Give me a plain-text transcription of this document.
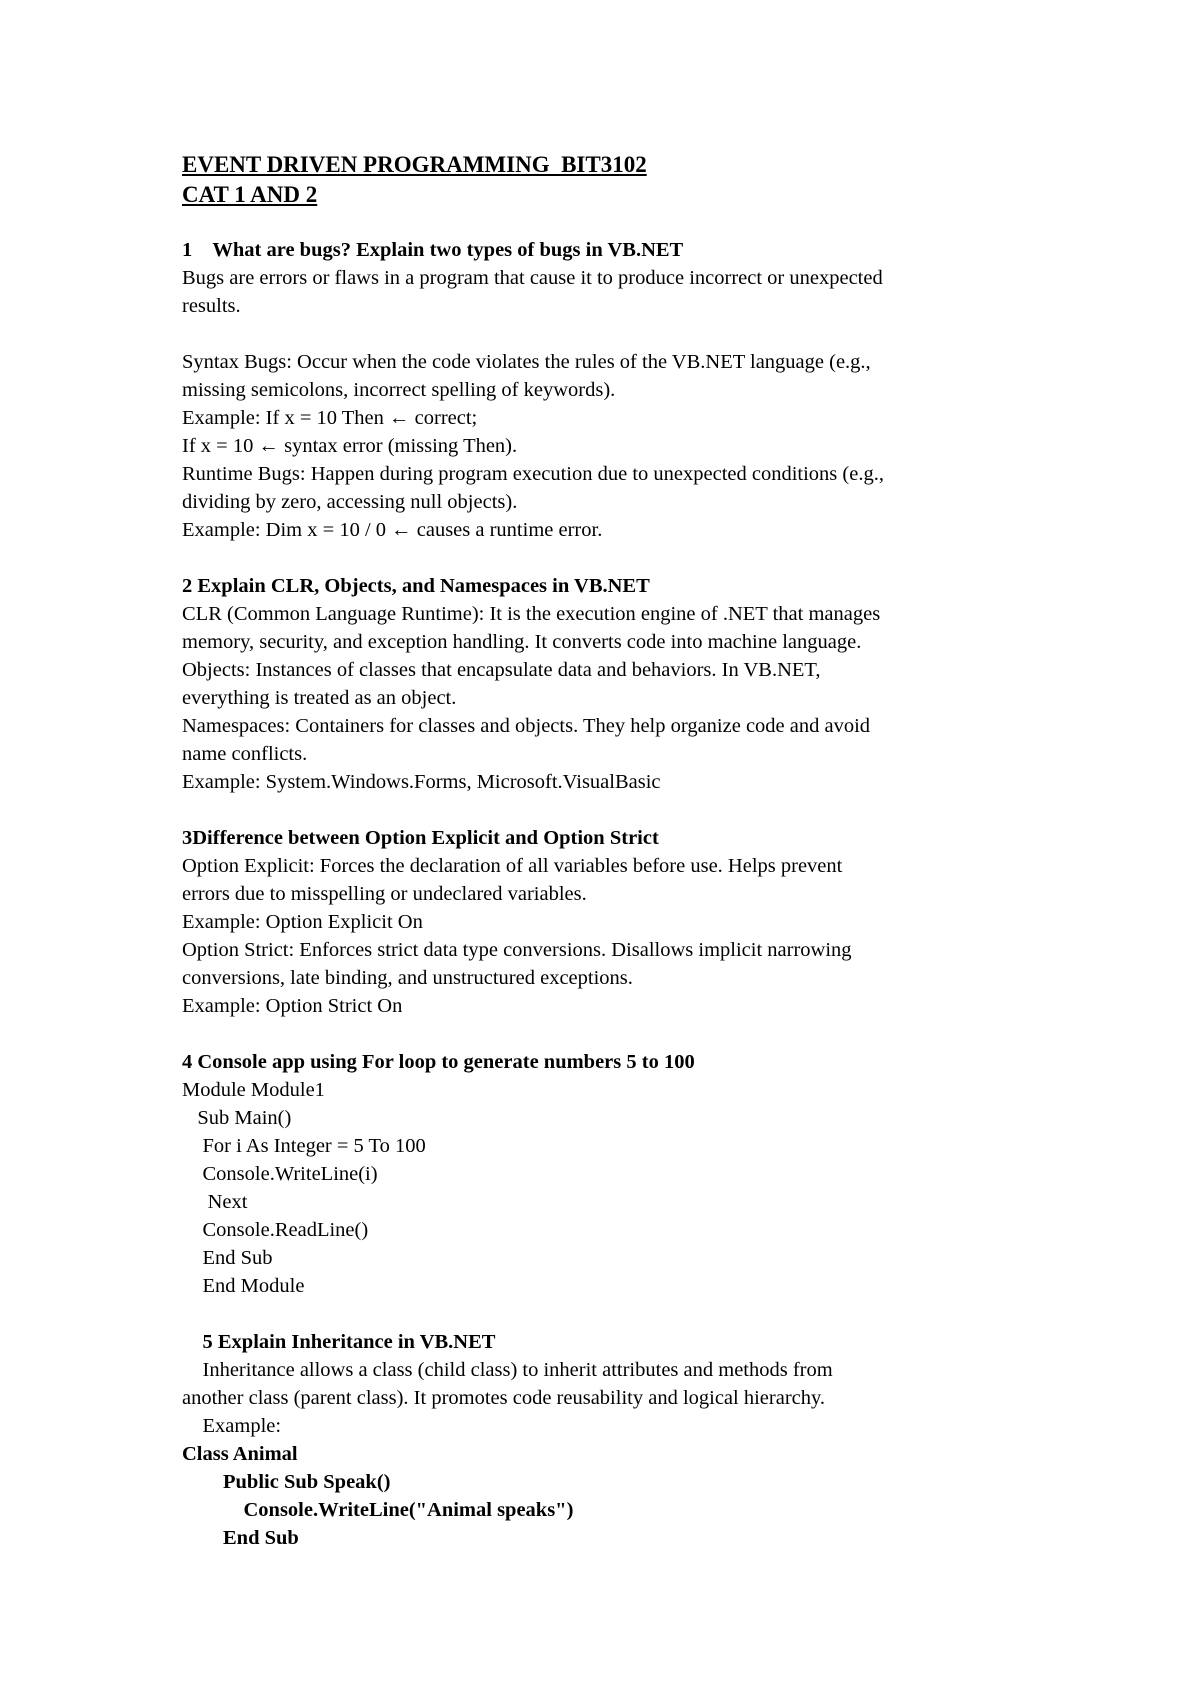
EVENT DRIVEN PROGRAMMING  BIT3102
CAT 1 AND 2
1    What are bugs? Explain two types of bugs in VB.NET
Bugs are errors or flaws in a program that cause it to produce incorrect or unexpected
results.
Syntax Bugs: Occur when the code violates the rules of the VB.NET language (e.g.,
missing semicolons, incorrect spelling of keywords).
Example: If x = 10 Then ← correct;
If x = 10 ← syntax error (missing Then).
Runtime Bugs: Happen during program execution due to unexpected conditions (e.g.,
dividing by zero, accessing null objects).
Example: Dim x = 10 / 0 ← causes a runtime error.
2 Explain CLR, Objects, and Namespaces in VB.NET
CLR (Common Language Runtime): It is the execution engine of .NET that manages
memory, security, and exception handling. It converts code into machine language.
Objects: Instances of classes that encapsulate data and behaviors. In VB.NET,
everything is treated as an object.
Namespaces: Containers for classes and objects. They help organize code and avoid
name conflicts.
Example: System.Windows.Forms, Microsoft.VisualBasic
3Difference between Option Explicit and Option Strict
Option Explicit: Forces the declaration of all variables before use. Helps prevent
errors due to misspelling or undeclared variables.
Example: Option Explicit On
Option Strict: Enforces strict data type conversions. Disallows implicit narrowing
conversions, late binding, and unstructured exceptions.
Example: Option Strict On
4 Console app using For loop to generate numbers 5 to 100
Module Module1
Sub Main()
For i As Integer = 5 To 100
Console.WriteLine(i)
Next
Console.ReadLine()
End Sub
End Module
5 Explain Inheritance in VB.NET
Inheritance allows a class (child class) to inherit attributes and methods from
another class (parent class). It promotes code reusability and logical hierarchy.
Example:
Class Animal
Public Sub Speak()
Console.WriteLine("Animal speaks")
End Sub
